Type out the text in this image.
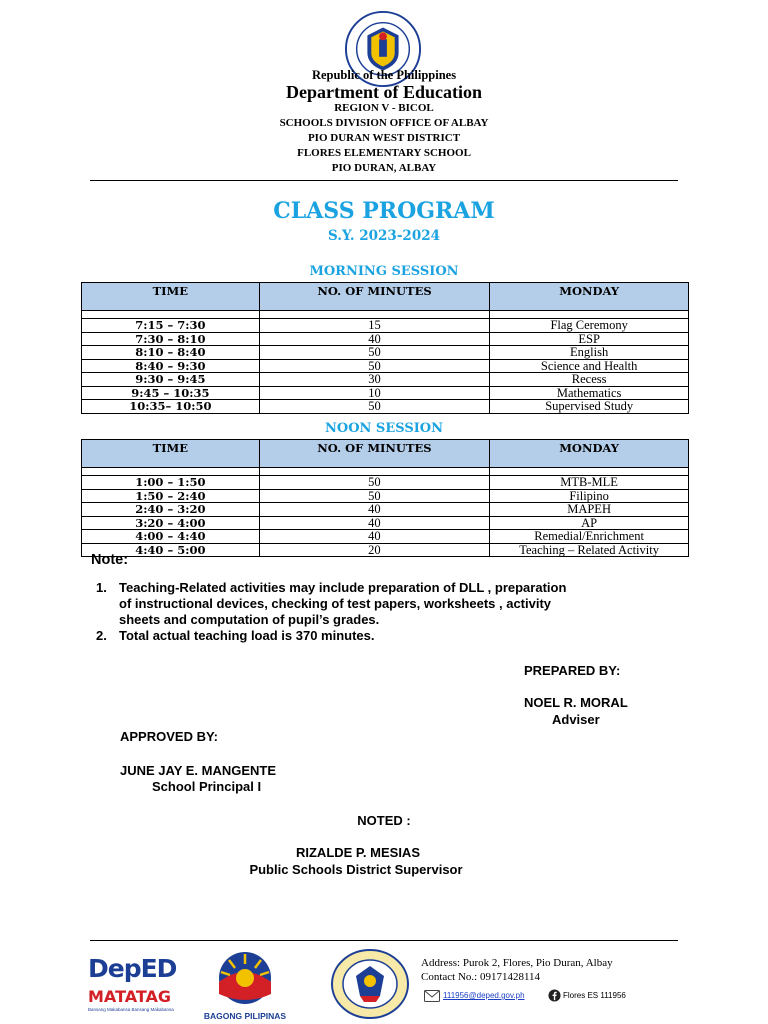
Republic of the Philippines
Department of Education
REGION V - BICOL
SCHOOLS DIVISION OFFICE OF ALBAY
PIO DURAN WEST DISTRICT
FLORES ELEMENTARY SCHOOL
PIO DURAN, ALBAY
CLASS PROGRAM
S.Y. 2023-2024
MORNING SESSION
TIME	NO. OF MINUTES	MONDAY

7:15 – 7:30	15	Flag Ceremony
7:30 – 8:10	40	ESP
8:10 – 8:40	50	English
8:40 – 9:30	50	Science and Health
9:30 – 9:45	30	Recess
9:45 – 10:35	10	Mathematics
10:35– 10:50	50	Supervised Study
NOON SESSION
TIME	NO. OF MINUTES	MONDAY

1:00 – 1:50	50	MTB-MLE
1:50 – 2:40	50	Filipino
2:40 – 3:20	40	MAPEH
3:20 – 4:00	40	AP
4:00 – 4:40	40	Remedial/Enrichment
4:40 – 5:00	20	Teaching – Related Activity
Note:
1. Teaching-Related activities may include preparation of DLL , preparation
of instructional devices, checking of test papers, worksheets , activity
sheets and computation of pupil’s grades.
2. Total actual teaching load is 370 minutes.
PREPARED BY:
NOEL R. MORAL
Adviser
APPROVED BY:
JUNE JAY E. MANGENTE
School Principal I
NOTED :
RIZALDE P. MESIAS
Public Schools District Supervisor
DepED
MATATAG
Bansang Makabansa Bansang Makabansa
BAGONG PILIPINAS
Address: Purok 2, Flores, Pio Duran, Albay
Contact No.: 09171428114
111956@deped.gov.ph	Flores ES 111956
